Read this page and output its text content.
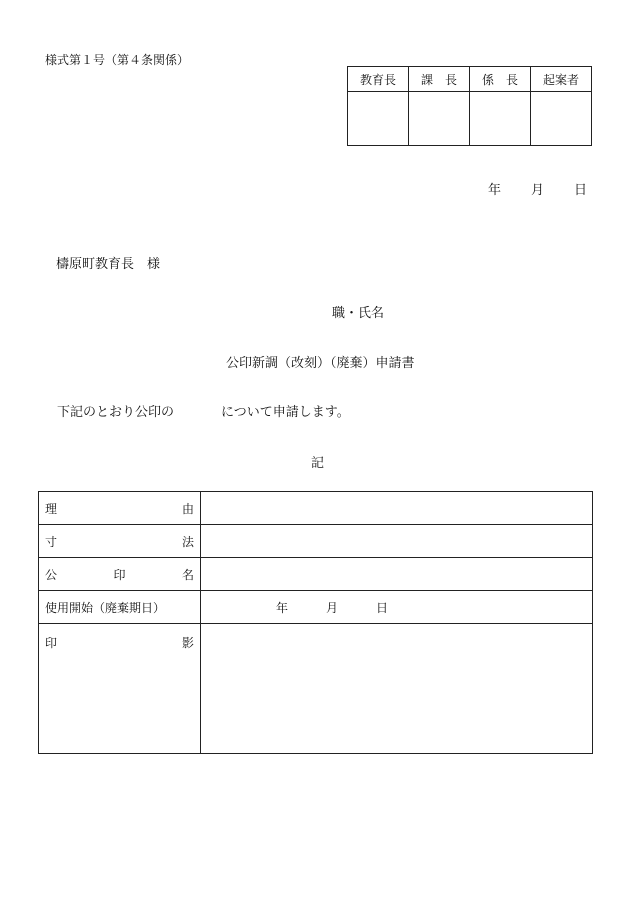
様式第１号（第４条関係）
教育長	課　長	係　長	起案者

年 月 日
檮原町教育長　様
職・氏名
公印新調（改刻）（廃棄）申請書
下記のとおり公印の	について申請します。
記
理 由	

寸 法	

公 印 名	

使用開始（廃棄期日）	年 月 日

印 影	
